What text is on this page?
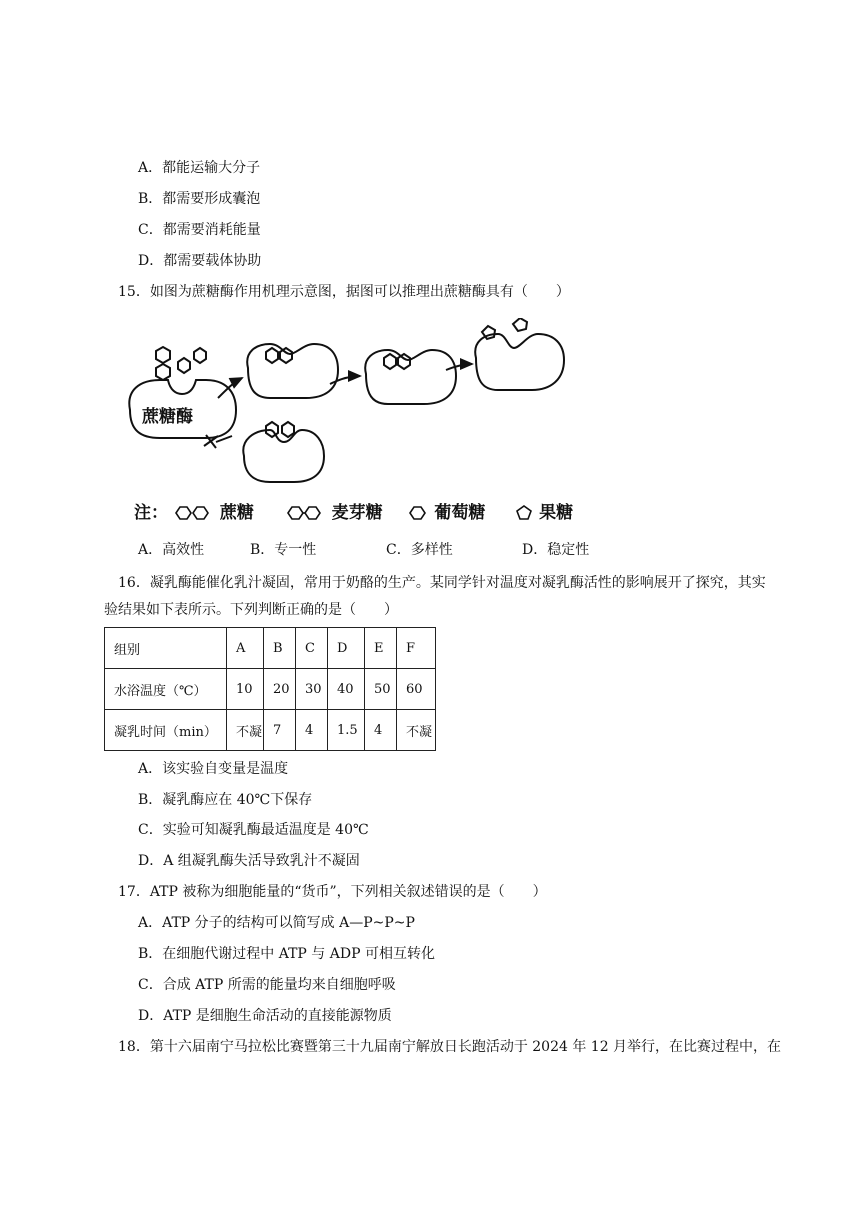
A．都能运输大分子
B．都需要形成囊泡
C．都需要消耗能量
D．都需要载体协助
15．如图为蔗糖酶作用机理示意图，据图可以推理出蔗糖酶具有（　　）
蔗糖酶
注：	蔗糖	麦芽糖	葡萄糖	果糖
A．高效性	B．专一性	C．多样性	D．稳定性
16．凝乳酶能催化乳汁凝固，常用于奶酪的生产。某同学针对温度对凝乳酶活性的影响展开了探究，其实
验结果如下表所示。下列判断正确的是（　　）
组别	A	B	C	D	E	F
水浴温度（℃）	10	20	30	40	50	60
凝乳时间（min）	不凝	7	4	1.5	4	不凝
A．该实验自变量是温度
B．凝乳酶应在 40℃下保存
C．实验可知凝乳酶最适温度是 40℃
D．A 组凝乳酶失活导致乳汁不凝固
17．ATP 被称为细胞能量的“货币”，下列相关叙述错误的是（　　）
A．ATP 分子的结构可以简写成 A—P~P~P
B．在细胞代谢过程中 ATP 与 ADP 可相互转化
C．合成 ATP 所需的能量均来自细胞呼吸
D．ATP 是细胞生命活动的直接能源物质
18．第十六届南宁马拉松比赛暨第三十九届南宁解放日长跑活动于 2024 年 12 月举行，在比赛过程中，在
